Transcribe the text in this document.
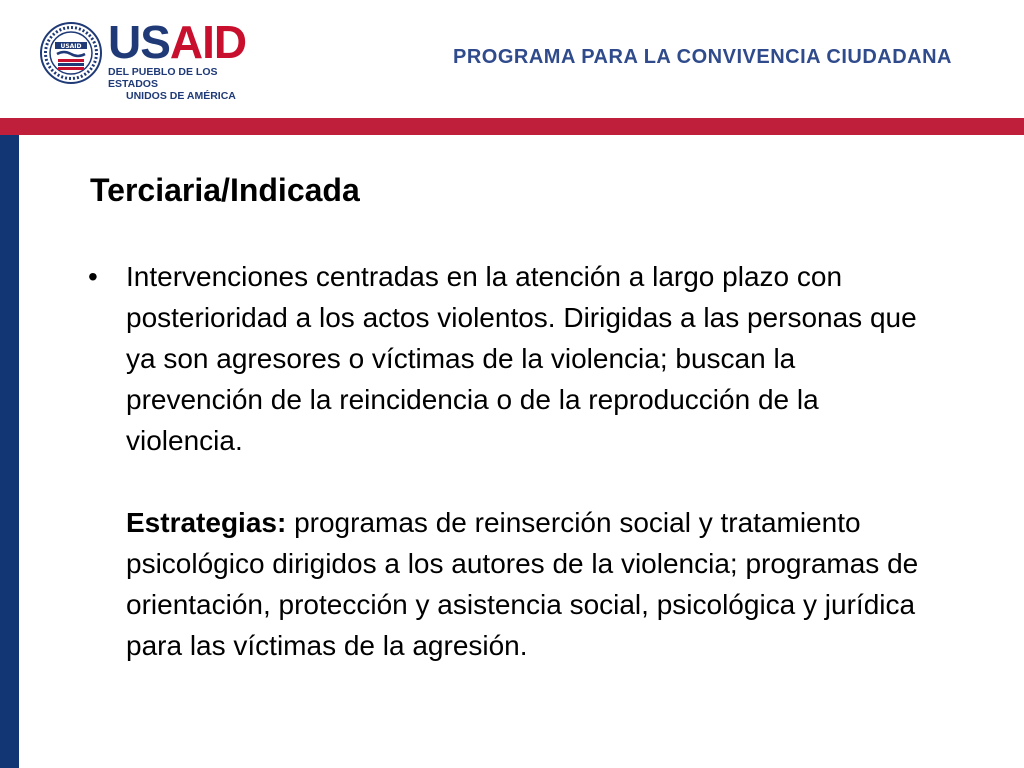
USAID USAID
DEL PUEBLO DE LOS ESTADOS
UNIDOS DE AMÉRICA
PROGRAMA PARA LA CONVIVENCIA CIUDADANA
Terciaria/Indicada
• Intervenciones centradas en la atención a largo plazo con posterioridad a los actos violentos. Dirigidas a las personas que ya son agresores o víctimas de la violencia; buscan la prevención de la reincidencia o de la reproducción de la violencia.
Estrategias: programas de reinserción social y tratamiento psicológico dirigidos a los autores de la violencia; programas de orientación, protección y asistencia social, psicológica y jurídica para las víctimas de la agresión.
